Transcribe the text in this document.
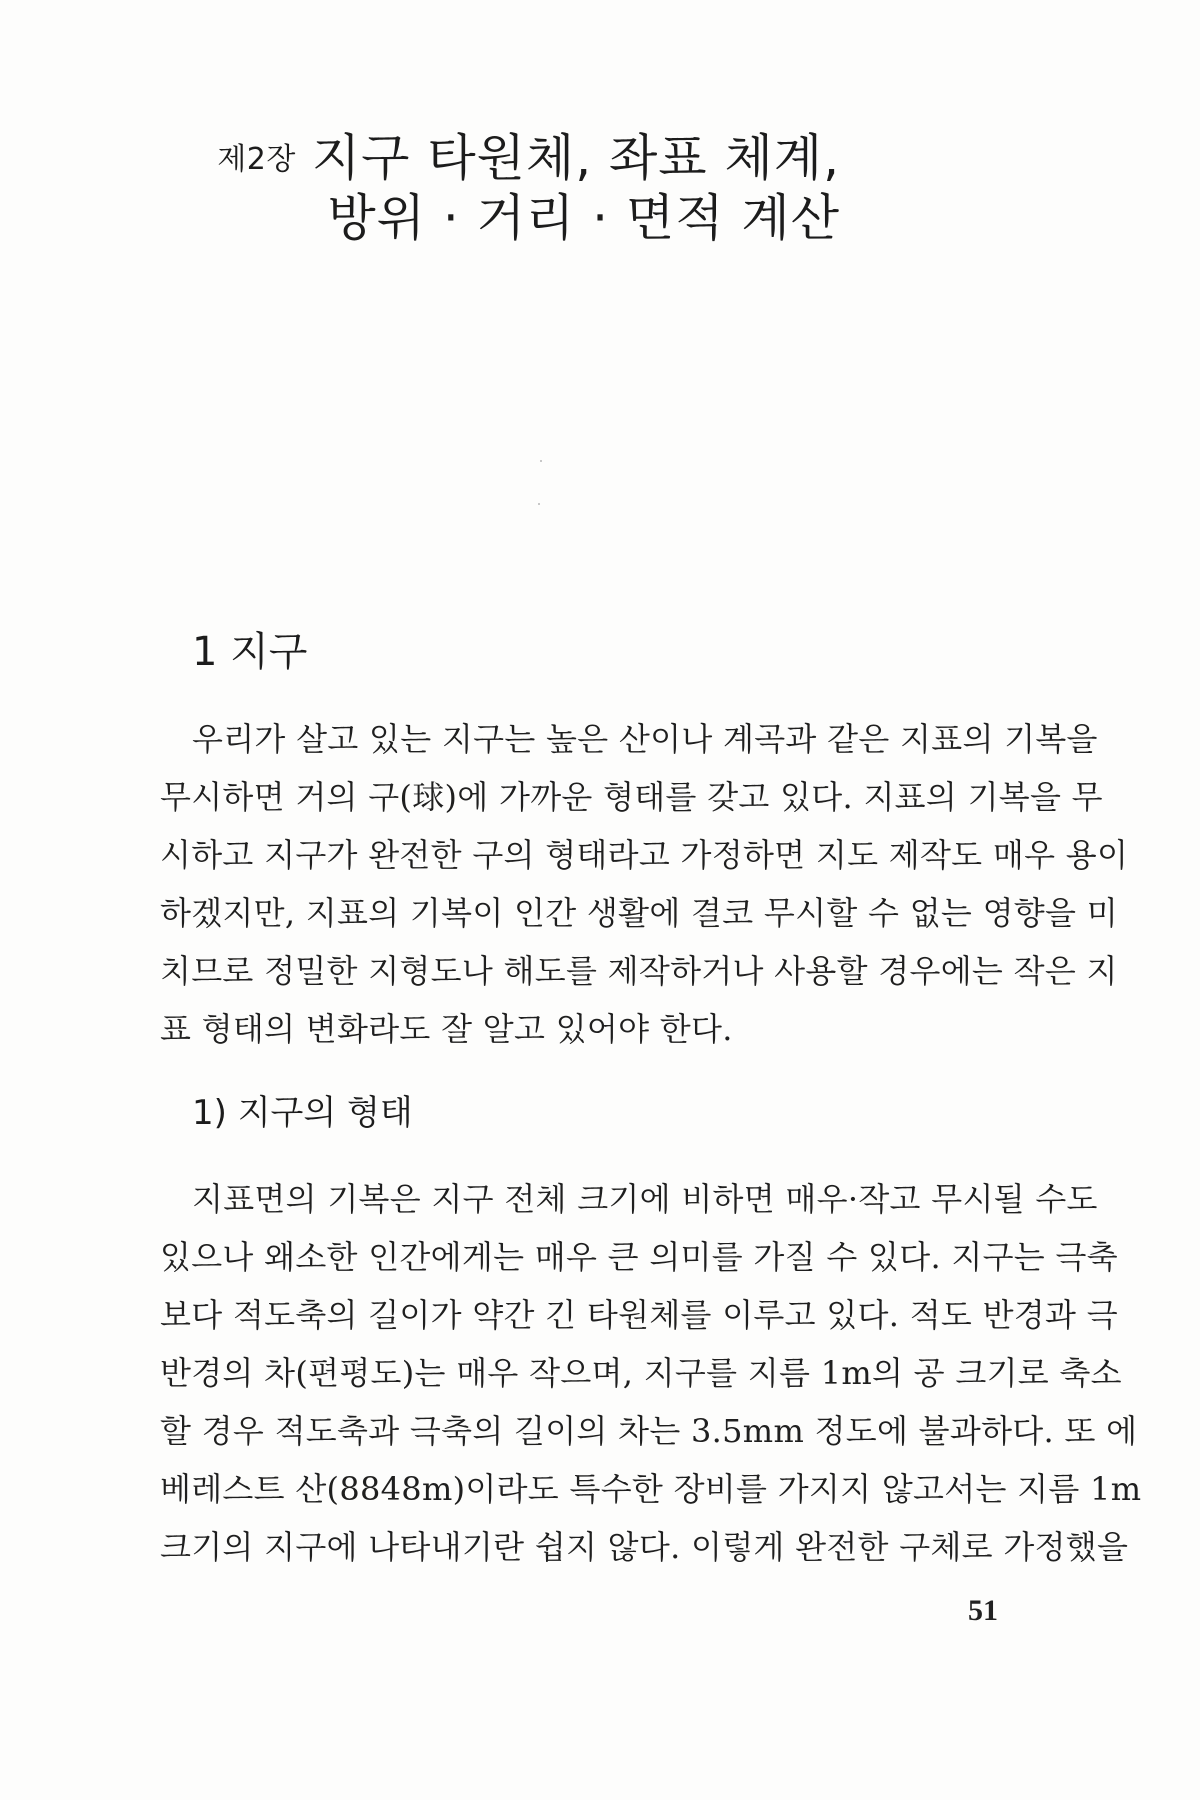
제2장 지구 타원체, 좌표 체계,
방위 · 거리 · 면적 계산
1 지구
우리가 살고 있는 지구는 높은 산이나 계곡과 같은 지표의 기복을
무시하면 거의 구(球)에 가까운 형태를 갖고 있다. 지표의 기복을 무
시하고 지구가 완전한 구의 형태라고 가정하면 지도 제작도 매우 용이
하겠지만, 지표의 기복이 인간 생활에 결코 무시할 수 없는 영향을 미
치므로 정밀한 지형도나 해도를 제작하거나 사용할 경우에는 작은 지
표 형태의 변화라도 잘 알고 있어야 한다.
1) 지구의 형태
지표면의 기복은 지구 전체 크기에 비하면 매우·작고 무시될 수도
있으나 왜소한 인간에게는 매우 큰 의미를 가질 수 있다. 지구는 극축
보다 적도축의 길이가 약간 긴 타원체를 이루고 있다. 적도 반경과 극
반경의 차(편평도)는 매우 작으며, 지구를 지름 1m의 공 크기로 축소
할 경우 적도축과 극축의 길이의 차는 3.5mm 정도에 불과하다. 또 에
베레스트 산(8848m)이라도 특수한 장비를 가지지 않고서는 지름 1m
크기의 지구에 나타내기란 쉽지 않다. 이렇게 완전한 구체로 가정했을
51
